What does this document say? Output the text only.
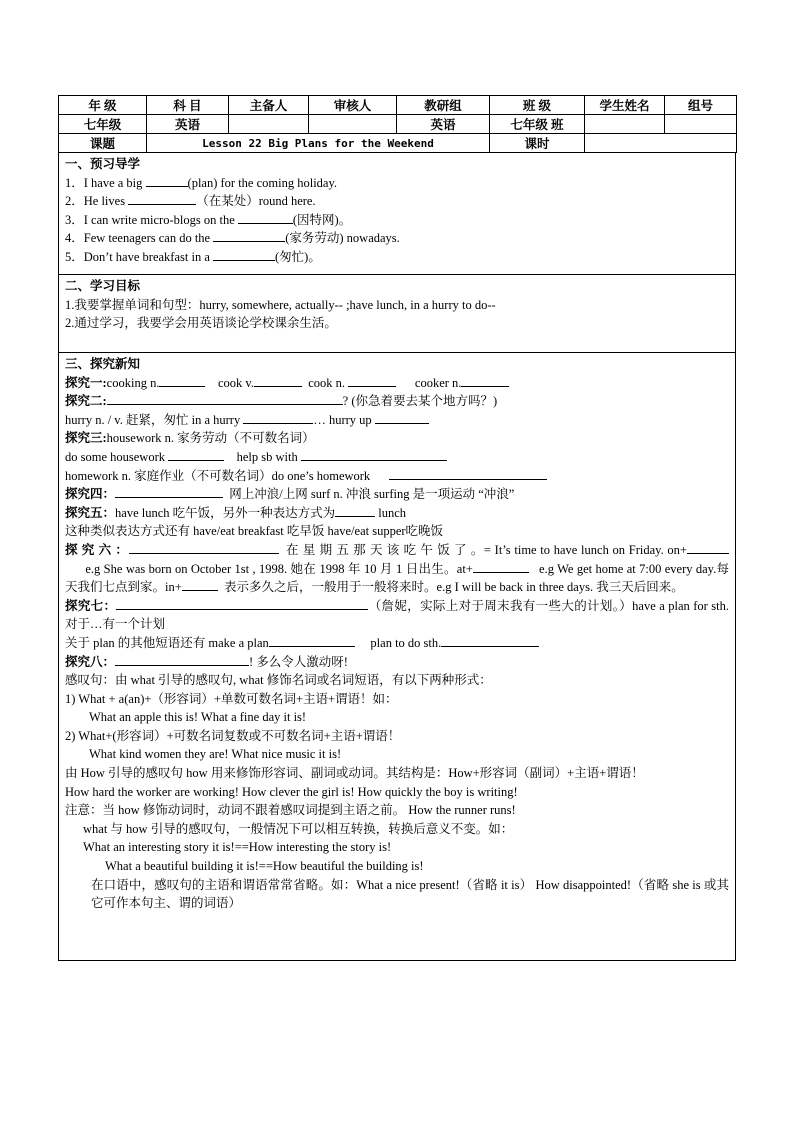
年 级	科 目	主备人	审核人	教研组	班 级	学生姓名	组号
七年级	英语			英语	七年级 班		
课题	Lesson 22 Big Plans for the Weekend				课时		
一、预习导学
1．I have a big	(plan) for the coming holiday.
2．He lives	（在某处）round here.
3．I can write micro-blogs on the	(因特网)。
4．Few teenagers can do the	(家务劳动) nowadays.
5．Don’t have breakfast in a	(匆忙)。
二、学习目标
1.我要掌握单词和句型：hurry, somewhere, actually-- ;have lunch, in a hurry to do--
2.通过学习，我要学会用英语谈论学校课余生活。
三、探究新知
探究一:cooking n.	cook v.	cook n.	cooker n.
探究二:	? (你急着要去某个地方吗？)
hurry n. / v. 赶紧，匆忙 in a hurry	… hurry up
探究三:housework n. 家务劳动（不可数名词）
do some housework	help sb with
homework n. 家庭作业（不可数名词）do one’s homework
探究四：	网上冲浪/上网 surf n. 冲浪 surfing 是一项运动 “冲浪”
探究五：have lunch 吃午饭，另外一种表达方式为	lunch
这种类似表达方式还有 have/eat breakfast 吃早饭 have/eat supper吃晚饭
探 究 六 ：	在 星 期 五 那 天 该 吃 午 饭 了 。= It’s time to have lunch on Friday. on+      e.g She was born on October 1st , 1998. 她在 1998 年 10 月 1 日出生。at+	e.g We get home at 7:00 every day.每天我们七点到家。in+	表示多久之后，一般用于一般将来时。e.g I will be back in three days. 我三天后回来。
探究七：	（詹妮，实际上对于周末我有一些大的计划。）have a plan for sth. 对于…有一个计划
关于 plan 的其他短语还有 make a plan	plan to do sth.
探究八：	! 多么令人激动呀!
感叹句：由 what 引导的感叹句, what 修饰名词或名词短语，有以下两种形式：
1) What + a(an)+（形容词）+单数可数名词+主语+谓语！如：
What an apple this is! What a fine day it is!
2) What+(形容词）+可数名词复数或不可数名词+主语+谓语！
What kind women they are! What nice music it is!
由 How 引导的感叹句 how 用来修饰形容词、副词或动词。其结构是：How+形容词（副词）+主语+谓语！
How hard the worker are working! How clever the girl is! How quickly the boy is writing!
注意：当 how 修饰动词时，动词不跟着感叹词提到主语之前。 How the runner runs!
what 与 how 引导的感叹句，一般情况下可以相互转换，转换后意义不变。如：
What an interesting story it is!==How interesting the story is!
What a beautiful building it is!==How beautiful the building is!
在口语中，感叹句的主语和谓语常常省略。如：What a nice present!（省略 it is） How disappointed!（省略 she is 或其它可作本句主、谓的词语）
